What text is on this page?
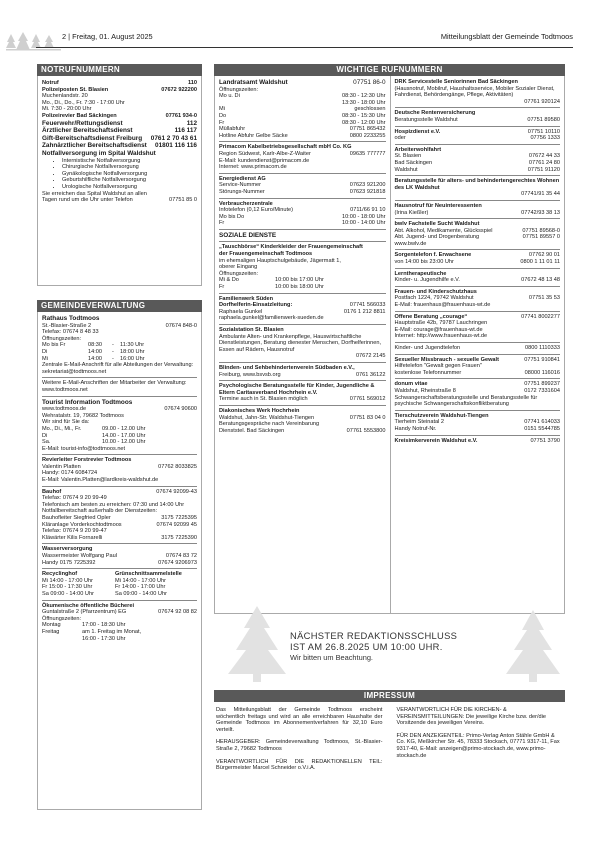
2 | Freitag, 01. August 2025	Mitteilungsblatt der Gemeinde Todtmoos
NOTRUFNUMMERN
Notruf	110
Polizeiposten St. Blasien	07672 922200
Muchenlandstr. 20
Mo., Di., Do., Fr. 7:30 - 17:00 Uhr
Mi. 7:30 - 20:00 Uhr
Polizeirevier Bad Säckingen	07761 934-0
Feuerwehr/Rettungsdienst	112
Ärztlicher Bereitschaftsdienst	116 117
Gift-Bereitschaftsdienst Freiburg 0761 2 70 43 61
Zahnärztlicher Bereitschaftsdienst 01801 116 116
Notfallversorgung im Spital Waldshut
• Internistische Notfallversorgung
• Chirurgische Notfallversorgung
• Gynäkologische Notfallversorgung
• Geburtshilfliche Notfallversorgung
• Urologische Notfallversorgung
Sie erreichen das Spital Waldshut an allen Tagen rund um die Uhr unter Telefon	07751 85 0
GEMEINDEVERWALTUNG
Rathaus Todtmoos
St.-Blasier-Straße 2	07674 848-0
Telefax: 07674 8 48 33
Öffnungszeiten:
Mo bis Fr	08:30	-	11:30 Uhr
Di	14:00	-	18:00 Uhr
Mi	14:00	-	16:00 Uhr
Zentrale E-Mail-Anschrift für alle Abteilungen der Verwaltung: sekretariat@todtmoos.net
Weitere E-Mail-Anschriften der Mitarbeiter der Verwaltung: www.todtmoos.net
Tourist Information Todtmoos
www.todtmoos.de	07674 90600
Wehratalstr. 19, 79682 Todtmoos
Wir sind für Sie da:
Mo., Di., Mi., Fr.	09.00 - 12.00 Uhr
Di	14.00 - 17.00 Uhr
Sa.	10.00 - 12.00 Uhr
E-Mail: tourist-info@todtmoos.net
Revierleiter Forstrevier Todtmoos
Valentin Platten	07762 8033825
Handy: 0174 6084724
E-Mail: Valentin.Platten@lardkreis-waldshut.de
Bauhof	07674 92099-43
Telefax: 07674 9 20 99-49
Telefonisch am besten zu erreichen: 07:30 und 14:00 Uhr
Notfallbereitschaft außerhalb der Dienstzeiten:
Bauhofleiter Siegfried Opler	3175 7225395
Kläranlage Vorderkochtodtmoos	07674 92099 45
Telefax: 07674 9 20 99-47
Kläwärter Kilis Fornarelli	3175 7225390
Wasserversorgung
Wassermeister Wolfgang Paul	07674 83 72
Handy 0175 7225392	07674 9206973
Recyclinghof	Grünschnittsammelstelle
Mi 14:00 - 17:00 Uhr	Mi 14:00 - 17:00 Uhr
Fr 15:00 - 17:30 Uhr	Fr 14:00 - 17:00 Uhr
Sa 09:00 - 14:00 Uhr	Sa 09:00 - 14:00 Uhr
Ökumenische öffentliche Bücherei
Guntalstraße 2 (Pfarrzentrum) EG	07674 92 08 82
Öffnungszeiten:
Montag	17:00 - 18:30 Uhr
Freitag	am 1. Freitag im Monat,
16:00 - 17:30 Uhr
WICHTIGE RUFNUMMERN
Landratsamt Waldshut	07751 86-0
Öffnungszeiten:
Mo u. Di	08:30 - 12:30 Uhr
13:30 - 18:00 Uhr
Mi	geschlossen
Do	08:30 - 15:30 Uhr
Fr	08:30 - 12:00 Uhr
Müllabfuhr	07751 865432
Hotline Abfuhr Gelbe Säcke	0800 2233255
Primacom Kabelbetriebsgesellschaft mbH Co. KG
Region Südwest, Karlr-Albe-Z-Waiter	09635 777777
E-Mail: kundendienst@primacom.de
Internet: www.primacom.de
Energiedienst AG
Service-Nummer	07623 921200
Störungs-Nummer	07623 921818
Verbraucherzentrale
Infotelefon (0,12 Euro/Minute)	0711/66 91 10
Mo bis Do	10:00 - 18:00 Uhr
Fr	10:00 - 14:00 Uhr
SOZIALE DIENSTE
„Tauschbörse“ Kinderkleider der Frauengemeinschaft
der Frauengemeinschaft Todtmoos
im ehemaligen Hauptschulgebäude, Jägermatt 1,
oberer Eingang
Öffnungszeiten:
Mi & Do	10:00 bis 17:00 Uhr
Fr	10:00 bis 18:00 Uhr
Familienwerk Süden
Dorfhelferin-Einsatzleitung:	07741 566033
Raphaela Gunkel	0176 1 212 8811
raphaela.gunkel@familienwerk-sueden.de
Sozialstation St. Blasien
Ambulante Alten- und Krankenpflege, Hauswirtschaftliche Dienstleistungen, Beratung dienester Menschen, Dorfhelferinnen, Essen auf Rädern, Hausnotruf
07672 2145
Blinden- und Sehbehindertenverein Südbaden e.V.,
Freiburg, www.bsvsb.org	0761 36122
Psychologische Beratungsstelle für Kinder, Jugendliche & Eltern Caritasverband Hochrhein e.V.
Termine auch in St. Blasien möglich	07761 569012
Diakonisches Werk Hochrhein
Waldshut, Jahn-Str. Waldshut-Tiengen	07751 83 04 0
Beratungsgespräche nach Vereinbarung
Dienststel. Bad Säckingen	07761 5553800
DRK Servicestelle Seniorinnen Bad Säckingen
(Hausnotruf, Mobilruf, Haushaltsservice, Mobiler Sozialer Dienst, Fahrdienst, Behördengänge, Pflege, Aktivitäten)
07761 920124
Deutsche Rentenversicherung
Beratungsstelle Waldshut	07751 89580
Hospizdienst e.V.	07751 10110
oder	07756 1333
Arbeiterwohlfahrt
St. Blasien	07672 44 33
Bad Säckingen	07761 24 80
Waldshut	07751 91120
Beratungsstelle für alters- und behindertengerechtes Wohnen des LK Waldshut
07741/91 35 44
Hausnotruf für Neuinteressenten
(Irina Kießler)	07742/93 38 13
bwlv Fachstelle Sucht Waldshut
Abt. Alkohol, Medikamente, Glücksspiel	07751 89568-0
Abt. Jugend- und Drogenberatung	07751 89557 0
www.bwlv.de
Sorgentelefon f. Erwachsene	07762 90 01
von 14:00 bis 23:00 Uhr	0800 1 11 01 11
Lerntherapeutische
Kinder- u. Jugendhilfe e.V.	07672 48 13 48
Frauen- und Kinderschutzhaus
Postfach 1224, 79742 Waldshut	07751 35 53
E-Mail: frauenhaus@frauenhaus-wt.de
Offene Beratung „courage“	07741 8002277
Hauptstraße 42b, 79787 Lauchringen
E-Mail: courage@frauenhaus-wt.de
Internet: http://www.frauenhaus-wt.de
Kinder- und Jugendtelefon	0800 1110333
Sexueller Missbrauch - sexuelle Gewalt	07751 910841
Hilfetelefon "Gewalt gegen Frauen"
kostenlose Telefonnummer	08000 116016
donum vitae	07751 899237
Waldshut, Rheinstraße 8	0172 7331604
Schwangerschaftsberatungsstelle und Beratungsstelle für psychische Schwangerschaftskonfliktberatung
Tierschutzverein Waldshut-Tiengen
Tierheim Steinatal 2	07741 614033
Handy Notruf-Nr.	0151 5544785
Kreisimkerverein Waldshut e.V.	07751 3790
NÄCHSTER REDAKTIONSSCHLUSS
IST AM 26.8.2025 UM 10:00 UHR.
Wir bitten um Beachtung.
IMPRESSUM

Das Mitteilungsblatt der Gemeinde Todtmoos erscheint wöchentlich freitags und wird an alle erreichbaren Haushalte der Gemeinde Todtmoos im Abonnementverfahren für 32,10 Euro verteilt.

HERAUSGEBER: Gemeindeverwaltung Todtmoos, St.-Blasier-Straße 2, 79682 Todtmoos

VERANTWORTLICH FÜR DIE REDAKTIONELLEN TEIL: Bürgermeister Marcel Schneider o.V.i.A.

VERANTWORTLICH FÜR DIE KIRCHEN- & VEREINSMITTEILUNGEN: Die jeweilige Kirche bzw. der/die Vorsitzende des jeweiligen Vereins.

FÜR DEN ANZEIGENTEIL: Primo-Verlag Anton Stähle GmbH & Co. KG, Meßkircher Str. 45, 78333 Stockach, 07771 9317-11, Fax 9317-40, E-Mail: anzeigen@primo-stockach.de, www.primo-stockach.de
